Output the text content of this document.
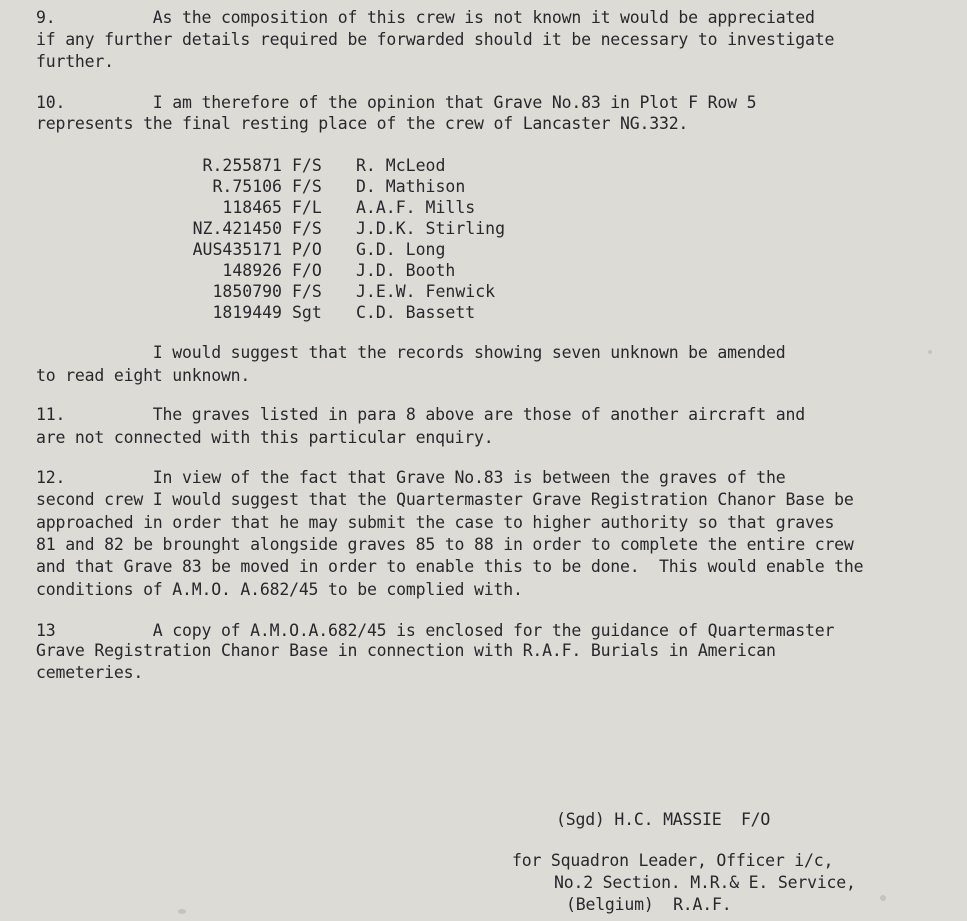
9.          As the composition of this crew is not known it would be appreciated
if any further details required be forwarded should it be necessary to investigate
further.
10.         I am therefore of the opinion that Grave No.83 in Plot F Row 5
represents the final resting place of the crew of Lancaster NG.332.
R.255871 F/S R. McLeod
R.75106 F/S D. Mathison
118465 F/L A.A.F. Mills
NZ.421450 F/S J.D.K. Stirling
AUS435171 P/O G.D. Long
148926 F/O J.D. Booth
1850790 F/S J.E.W. Fenwick
1819449 Sgt C.D. Bassett
I would suggest that the records showing seven unknown be amended
to read eight unknown.
11.         The graves listed in para 8 above are those of another aircraft and
are not connected with this particular enquiry.
12.         In view of the fact that Grave No.83 is between the graves of the
second crew I would suggest that the Quartermaster Grave Registration Chanor Base be
approached in order that he may submit the case to higher authority so that graves
81 and 82 be brounght alongside graves 85 to 88 in order to complete the entire crew
and that Grave 83 be moved in order to enable this to be done.  This would enable the
conditions of A.M.O. A.682/45 to be complied with.
13          A copy of A.M.O.A.682/45 is enclosed for the guidance of Quartermaster
Grave Registration Chanor Base in connection with R.A.F. Burials in American
cemeteries.
(Sgd) H.C. MASSIE  F/O
for Squadron Leader, Officer i/c,
No.2 Section. M.R.& E. Service,
(Belgium)  R.A.F.
